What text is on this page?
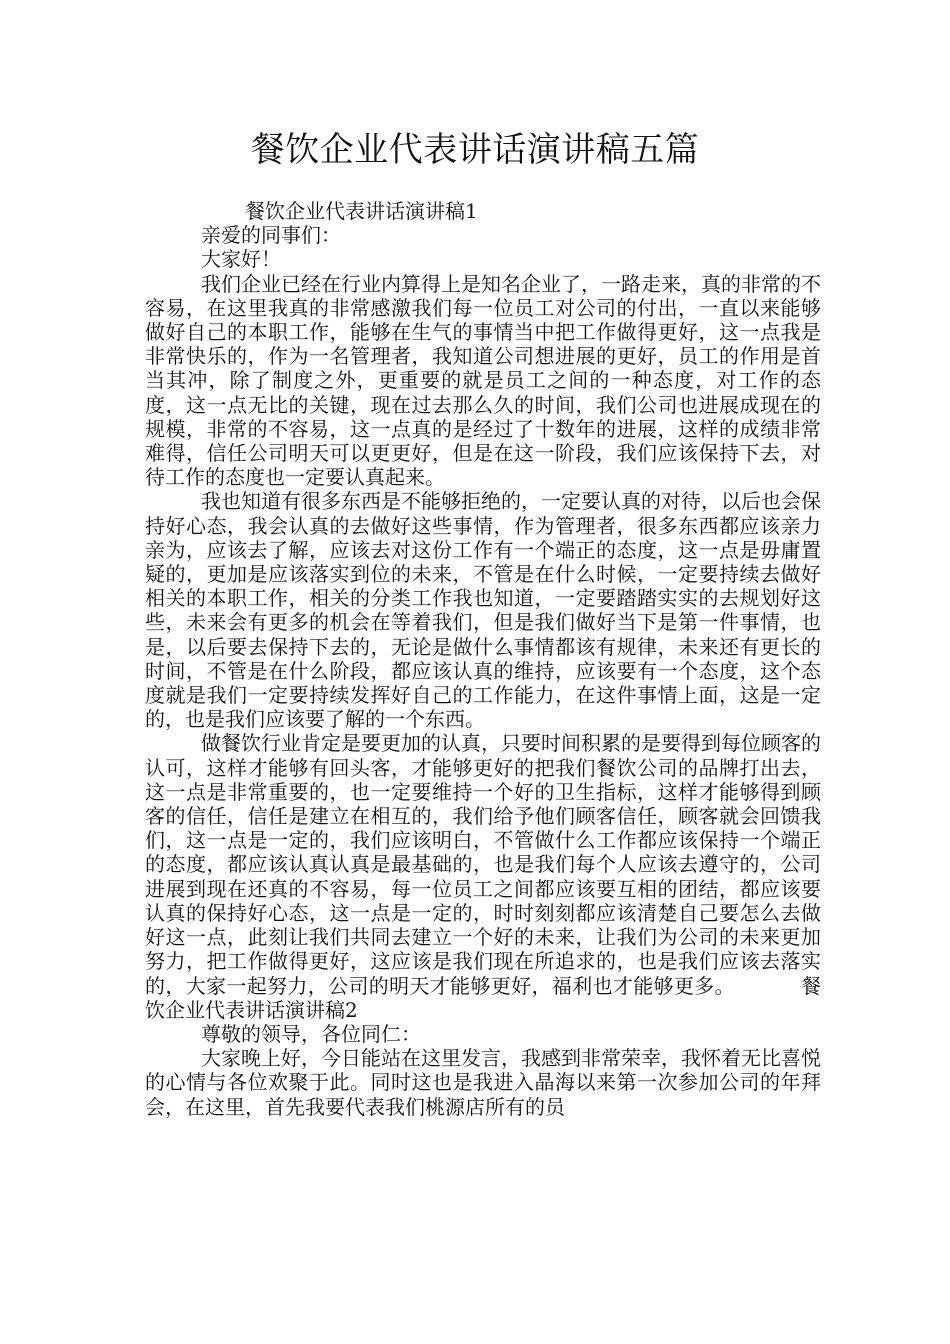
餐饮企业代表讲话演讲稿五篇

餐饮企业代表讲话演讲稿1

亲爱的同事们：

大家好！

我们企业已经在行业内算得上是知名企业了，一路走来，真的非常的不容易，在这里我真的非常感激我们每一位员工对公司的付出，一直以来能够做好自己的本职工作，能够在生气的事情当中把工作做得更好，这一点我是非常快乐的，作为一名管理者，我知道公司想进展的更好，员工的作用是首当其冲，除了制度之外，更重要的就是员工之间的一种态度，对工作的态度，这一点无比的关键，现在过去那么久的时间，我们公司也进展成现在的规模，非常的不容易，这一点真的是经过了十数年的进展，这样的成绩非常难得，信任公司明天可以更更好，但是在这一阶段，我们应该保持下去，对待工作的态度也一定要认真起来。

我也知道有很多东西是不能够拒绝的，一定要认真的对待，以后也会保持好心态，我会认真的去做好这些事情，作为管理者，很多东西都应该亲力亲为，应该去了解，应该去对这份工作有一个端正的态度，这一点是毋庸置疑的，更加是应该落实到位的未来，不管是在什么时候，一定要持续去做好相关的本职工作，相关的分类工作我也知道，一定要踏踏实实的去规划好这些，未来会有更多的机会在等着我们，但是我们做好当下是第一件事情，也是，以后要去保持下去的，无论是做什么事情都该有规律，未来还有更长的时间，不管是在什么阶段，都应该认真的维持，应该要有一个态度，这个态度就是我们一定要持续发挥好自己的工作能力，在这件事情上面，这是一定的，也是我们应该要了解的一个东西。

做餐饮行业肯定是要更加的认真，只要时间积累的是要得到每位顾客的认可，这样才能够有回头客，才能够更好的把我们餐饮公司的品牌打出去，这一点是非常重要的，也一定要维持一个好的卫生指标，这样才能够得到顾客的信任，信任是建立在相互的，我们给予他们顾客信任，顾客就会回馈我们，这一点是一定的，我们应该明白，不管做什么工作都应该保持一个端正的态度，都应该认真认真是最基础的，也是我们每个人应该去遵守的，公司进展到现在还真的不容易，每一位员工之间都应该要互相的团结，都应该要认真的保持好心态，这一点是一定的，时时刻刻都应该清楚自己要怎么去做好这一点，此刻让我们共同去建立一个好的未来，让我们为公司的未来更加努力，把工作做得更好，这应该是我们现在所追求的，也是我们应该去落实的，大家一起努力，公司的明天才能够更好，福利也才能够更多。	餐饮企业代表讲话演讲稿2

尊敬的领导，各位同仁：

大家晚上好，今日能站在这里发言，我感到非常荣幸，我怀着无比喜悦的心情与各位欢聚于此。同时这也是我进入晶海以来第一次参加公司的年拜会，在这里，首先我要代表我们桃源店所有的员
